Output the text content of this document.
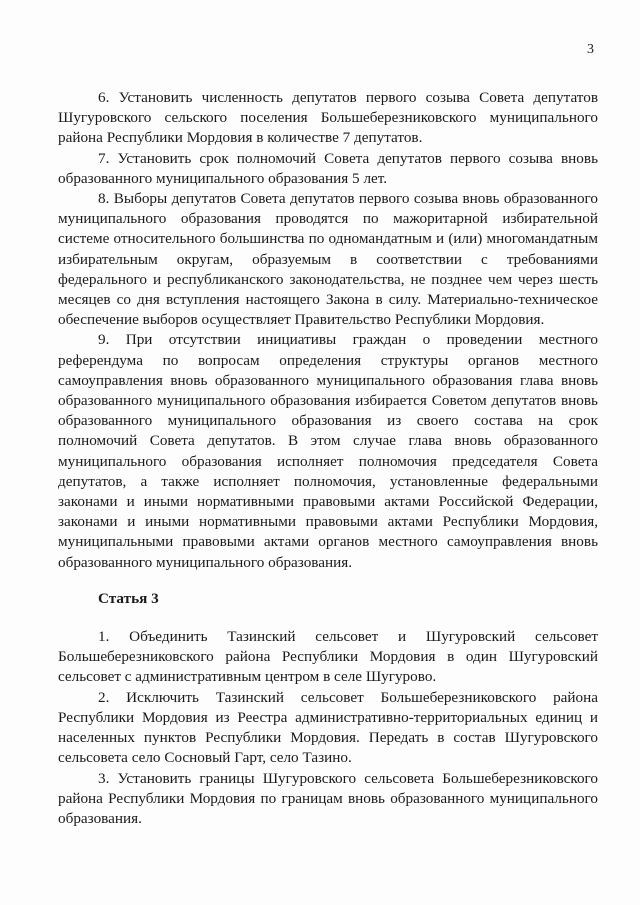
3

6. Установить численность депутатов первого созыва Совета депутатов Шугуровского сельского поселения Большеберезниковского муниципального района Республики Мордовия в количестве 7 депутатов.

7. Установить срок полномочий Совета депутатов первого созыва вновь образованного муниципального образования 5 лет.

8. Выборы депутатов Совета депутатов первого созыва вновь образованного муниципального образования проводятся по мажоритарной избирательной системе относительного большинства по одномандатным и (или) многомандатным избирательным округам, образуемым в соответствии с требованиями федерального и республиканского законодательства, не позднее чем через шесть месяцев со дня вступления настоящего Закона в силу. Материально-техническое обеспечение выборов осуществляет Правительство Республики Мордовия.

9. При отсутствии инициативы граждан о проведении местного референдума по вопросам определения структуры органов местного самоуправления вновь образованного муниципального образования глава вновь образованного муниципального образования избирается Советом депутатов вновь образованного муниципального образования из своего состава на срок полномочий Совета депутатов. В этом случае глава вновь образованного муниципального образования исполняет полномочия председателя Совета депутатов, а также исполняет полномочия, установленные федеральными законами и иными нормативными правовыми актами Российской Федерации, законами и иными нормативными правовыми актами Республики Мордовия, муниципальными правовыми актами органов местного самоуправления вновь образованного муниципального образования.

Статья 3

1. Объединить Тазинский сельсовет и Шугуровский сельсовет Большеберезниковского района Республики Мордовия в один Шугуровский сельсовет с административным центром в селе Шугурово.

2. Исключить Тазинский сельсовет Большеберезниковского района Республики Мордовия из Реестра административно-территориальных единиц и населенных пунктов Республики Мордовия. Передать в состав Шугуровского сельсовета село Сосновый Гарт, село Тазино.

3. Установить границы Шугуровского сельсовета Большеберезниковского района Республики Мордовия по границам вновь образованного муниципального образования.
